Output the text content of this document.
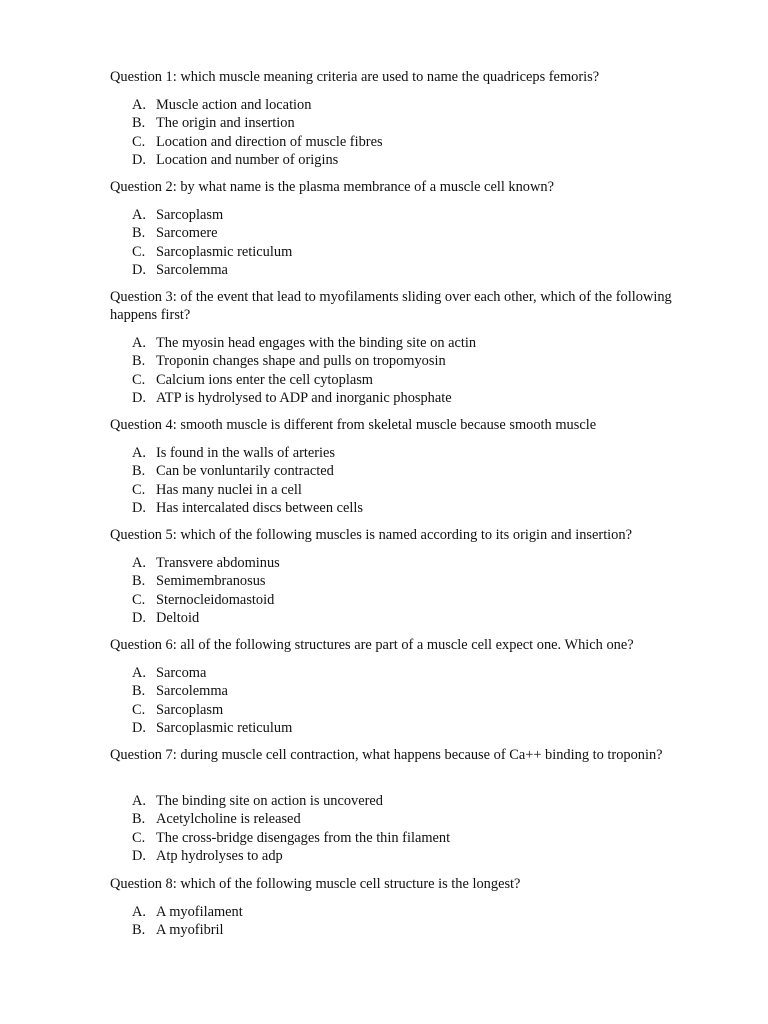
Question 1: which muscle meaning criteria are used to name the quadriceps femoris?

A. Muscle action and location
B. The origin and insertion
C. Location and direction of muscle fibres
D. Location and number of origins

Question 2: by what name is the plasma membrance of a muscle cell known?

A. Sarcoplasm
B. Sarcomere
C. Sarcoplasmic reticulum
D. Sarcolemma

Question 3: of the event that lead to myofilaments sliding over each other, which of the following happens first?

A. The myosin head engages with the binding site on actin
B. Troponin changes shape and pulls on tropomyosin
C. Calcium ions enter the cell cytoplasm
D. ATP is hydrolysed to ADP and inorganic phosphate

Question 4: smooth muscle is different from skeletal muscle because smooth muscle

A. Is found in the walls of arteries
B. Can be vonluntarily contracted
C. Has many nuclei in a cell
D. Has intercalated discs between cells

Question 5: which of the following muscles is named according to its origin and insertion?

A. Transvere abdominus
B. Semimembranosus
C. Sternocleidomastoid
D. Deltoid

Question 6: all of the following structures are part of a muscle cell expect one. Which one?

A. Sarcoma
B. Sarcolemma
C. Sarcoplasm
D. Sarcoplasmic reticulum

Question 7: during muscle cell contraction, what happens because of Ca++ binding to troponin?

A. The binding site on action is uncovered
B. Acetylcholine is released
C. The cross-bridge disengages from the thin filament
D. Atp hydrolyses to adp

Question 8: which of the following muscle cell structure is the longest?

A. A myofilament
B. A myofibril
